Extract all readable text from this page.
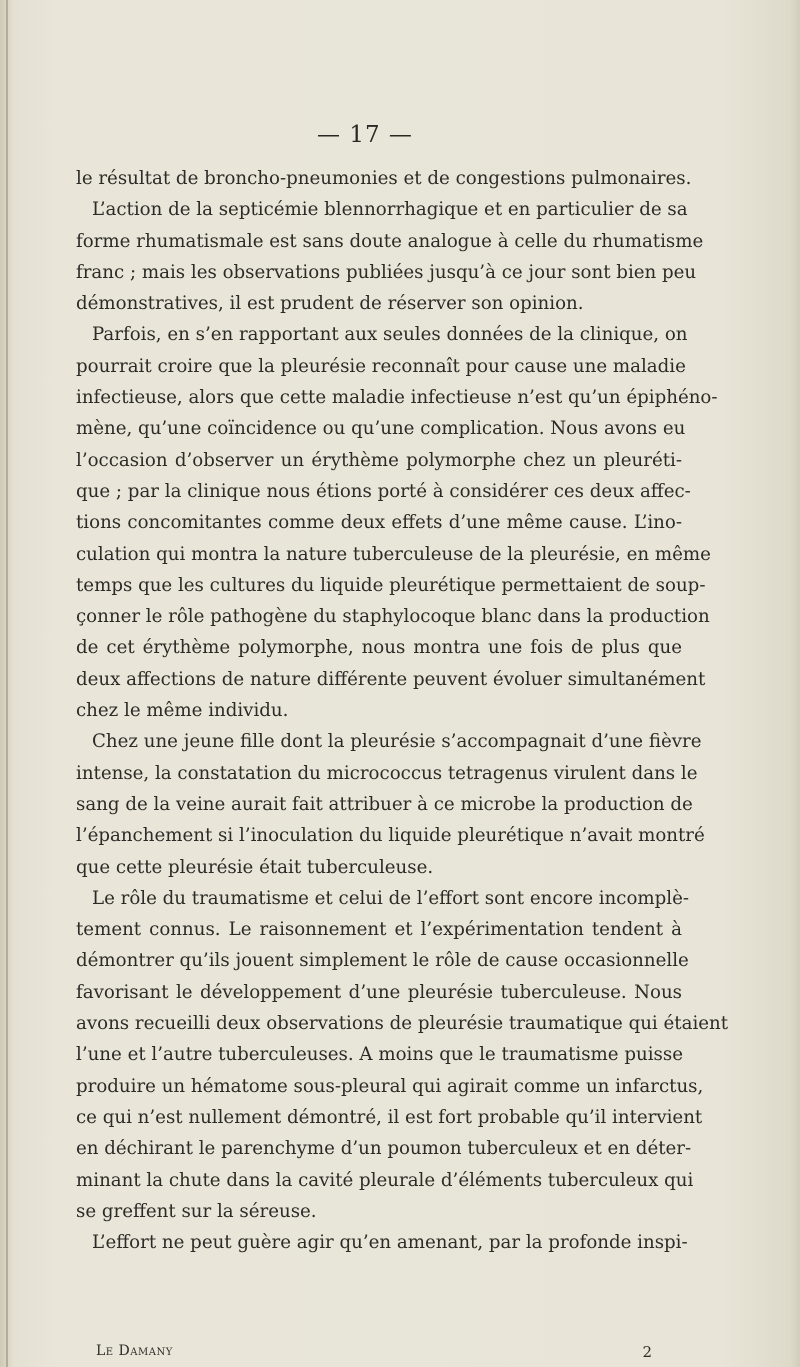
— 17 —
le résultat de broncho-pneumonies et de congestions pulmonaires.
L’action de la septicémie blennorrhagique et en particulier de sa
forme rhumatismale est sans doute analogue à celle du rhumatisme
franc ; mais les observations publiées jusqu’à ce jour sont bien peu
démonstratives, il est prudent de réserver son opinion.
Parfois, en s’en rapportant aux seules données de la clinique, on
pourrait croire que la pleurésie reconnaît pour cause une maladie
infectieuse, alors que cette maladie infectieuse n’est qu’un épiphéno-
mène, qu’une coïncidence ou qu’une complication. Nous avons eu
l’occasion d’observer un érythème polymorphe chez un pleuréti-
que ; par la clinique nous étions porté à considérer ces deux affec-
tions concomitantes comme deux effets d’une même cause. L’ino-
culation qui montra la nature tuberculeuse de la pleurésie, en même
temps que les cultures du liquide pleurétique permettaient de soup-
çonner le rôle pathogène du staphylocoque blanc dans la production
de cet érythème polymorphe, nous montra une fois de plus que
deux affections de nature différente peuvent évoluer simultanément
chez le même individu.
Chez une jeune fille dont la pleurésie s’accompagnait d’une fièvre
intense, la constatation du micrococcus tetragenus virulent dans le
sang de la veine aurait fait attribuer à ce microbe la production de
l’épanchement si l’inoculation du liquide pleurétique n’avait montré
que cette pleurésie était tuberculeuse.
Le rôle du traumatisme et celui de l’effort sont encore incomplè-
tement connus. Le raisonnement et l’expérimentation tendent à
démontrer qu’ils jouent simplement le rôle de cause occasionnelle
favorisant le développement d’une pleurésie tuberculeuse. Nous
avons recueilli deux observations de pleurésie traumatique qui étaient
l’une et l’autre tuberculeuses. A moins que le traumatisme puisse
produire un hématome sous-pleural qui agirait comme un infarctus,
ce qui n’est nullement démontré, il est fort probable qu’il intervient
en déchirant le parenchyme d’un poumon tuberculeux et en déter-
minant la chute dans la cavité pleurale d’éléments tuberculeux qui
se greffent sur la séreuse.
L’effort ne peut guère agir qu’en amenant, par la profonde inspi-
Le Damany	2
